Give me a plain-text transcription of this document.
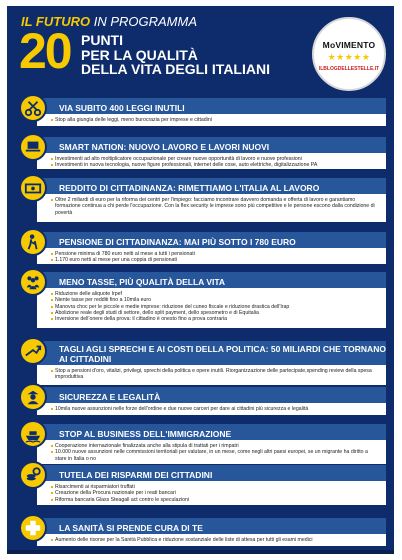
IL FUTURO IN PROGRAMMA
20 PUNTI
PER LA QUALITÀ
DELLA VITA DEGLI ITALIANI
MoVIMENTO
★★★★★
ILBLOGDELLESTELLE.IT
VIA SUBITO 400 LEGGI INUTILI
Stop alla giungla delle leggi, meno burocrazia per imprese e cittadini
SMART NATION: NUOVO LAVORO E LAVORI NUOVI
Investimenti ad alto moltiplicatore occupazionale per creare nuove opportunità di lavoro e nuove professioni
Investimenti in nuova tecnologia, nuove figure professionali, internet delle cose, auto elettriche, digitalizzazione PA
REDDITO DI CITTADINANZA: RIMETTIAMO L'ITALIA AL LAVORO
Oltre 2 miliardi di euro per la riforma dei centri per l'impiego: facciamo incontrare davvero domanda e offerta di lavoro e garantiamo formazione continua a chi perde l'occupazione. Con la flex security le imprese sono più competitive e le persone escono dalla condizione di povertà
PENSIONE DI CITTADINANZA: MAI PIÙ SOTTO I 780 EURO
Pensione minima di 780 euro netti al mese a tutti i pensionati
1.170 euro netti al mese per una coppia di pensionati
MENO TASSE, PIÙ QUALITÀ DELLA VITA
Riduzione delle aliquote Irpef
Niente tasse per redditi fino a 10mila euro
Manovra choc per le piccole e medie imprese: riduzione del cuneo fiscale e riduzione drastica dell'Irap
Abolizione reale degli studi di settore, dello split payment, dello spesometro e di Equitalia
Inversione dell'onere della prova: il cittadino è onesto fino a prova contraria
TAGLI AGLI SPRECHI E AI COSTI DELLA POLITICA: 50 MILIARDI CHE TORNANO AI CITTADINI
Stop a pensioni d'oro, vitalizi, privilegi, sprechi della politica e opere inutili. Riorganizzazione delle partecipate,spending review della spesa improduttiva
SICUREZZA E LEGALITÀ
10mila nuove assunzioni nelle forze dell'ordine e due nuove carceri per dare ai cittadini più sicurezza e legalità
STOP AL BUSINESS DELL'IMMIGRAZIONE
Cooperazione internazionale finalizzata anche alla stipula di trattati per i rimpatri
10.000 nuove assunzioni nelle commissioni territoriali per valutare, in un mese, come negli altri paesi europei, se un migrante ha diritto a stare in Italia o no
TUTELA DEI RISPARMI DEI CITTADINI
Risarcimenti ai risparmiatori truffati
Creazione della Procura nazionale per i reati bancari
Riforma bancaria Glass Steagall act contro le speculazioni
LA SANITÀ SI PRENDE CURA DI TE
Aumento delle risorse per la Sanità Pubblica e riduzione sostanziale delle liste di attesa per tutti gli esami medici
